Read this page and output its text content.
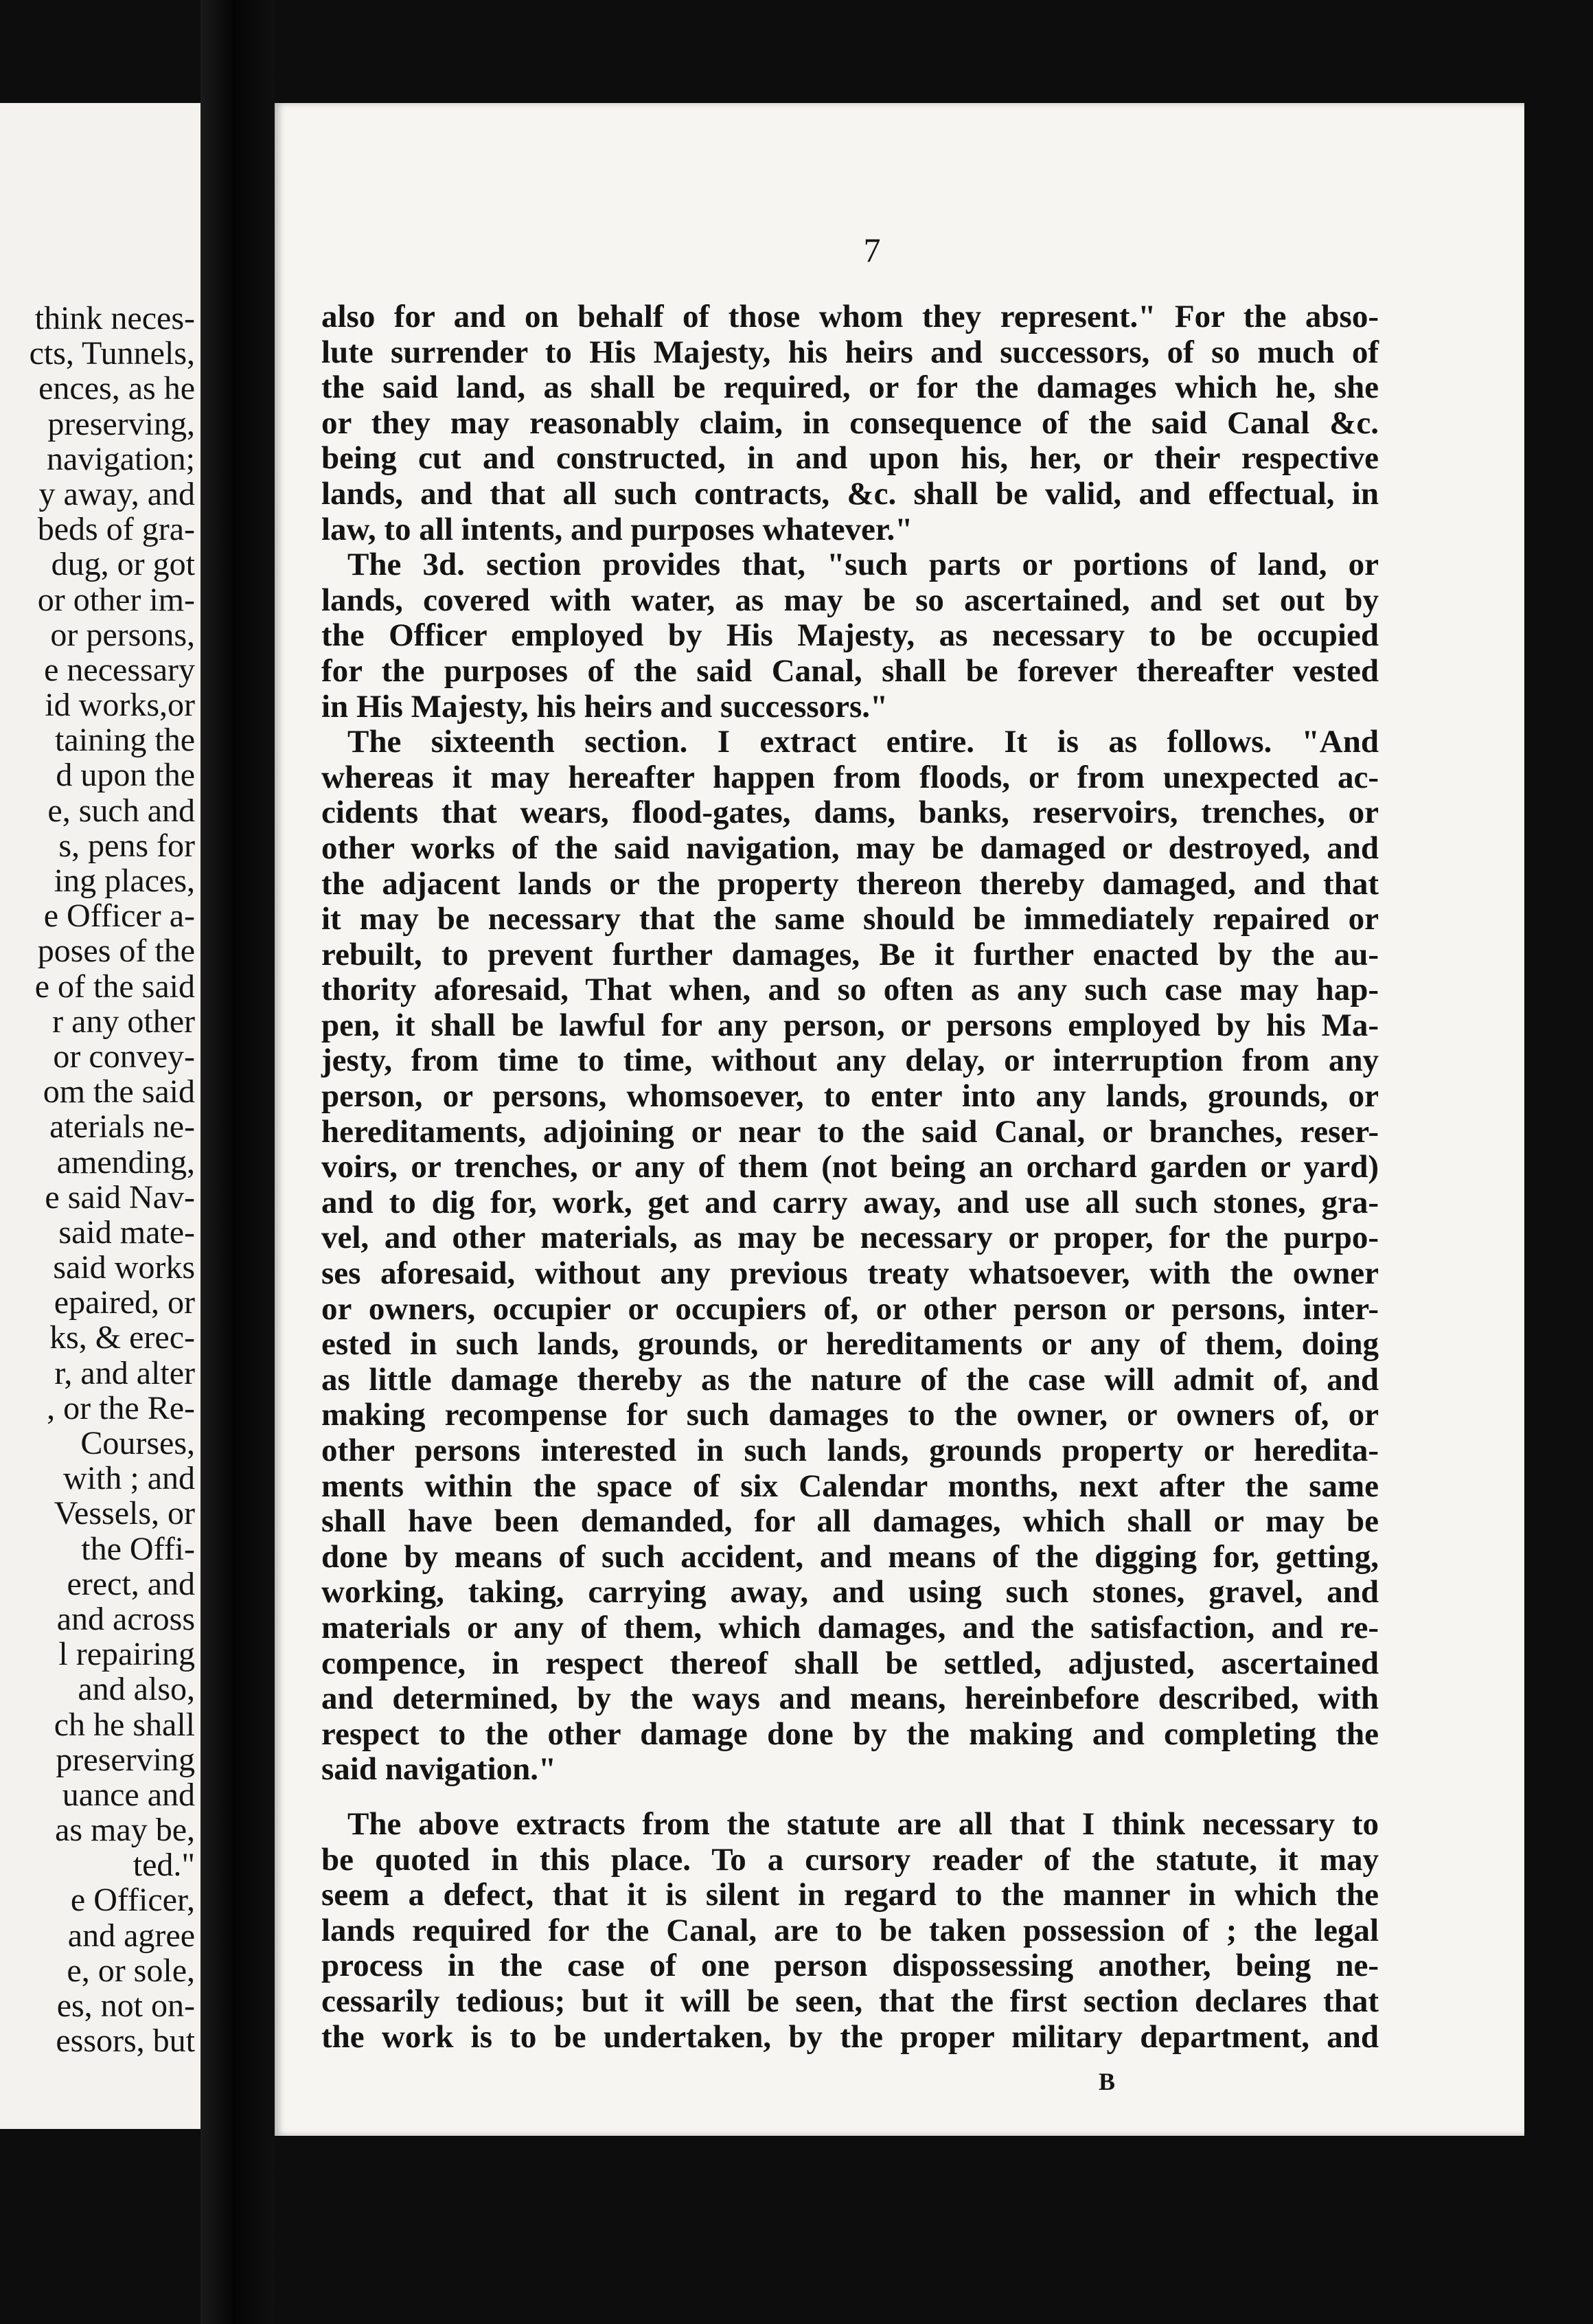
think neces-
cts, Tunnels,
ences, as he
preserving,
navigation;
y away, and
beds of gra-
dug, or got
or other im-
or persons,
e necessary
id works,or
taining the
d upon the
e, such and
s, pens for
ing places,
e Officer a-
poses of the
e of the said
r any other
or convey-
om the said
aterials ne-
amending,
e said Nav-
said mate-
said works
epaired, or
ks, & erec-
r, and alter
, or the Re-
Courses,
with ; and
Vessels, or
the Offi-
erect, and
and across
l repairing
and also,
ch he shall
preserving
uance and
as may be,
ted."
e Officer,
and agree
e, or sole,
es, not on-
essors, but
7
also for and on behalf of those whom they represent." For the abso-
lute surrender to His Majesty, his heirs and successors, of so much of
the said land, as shall be required, or for the damages which he, she
or they may reasonably claim, in consequence of the said Canal &c.
being cut and constructed, in and upon his, her, or their respective
lands, and that all such contracts, &c. shall be valid, and effectual, in
law, to all intents, and purposes whatever."
The 3d. section provides that, "such parts or portions of land, or
lands, covered with water, as may be so ascertained, and set out by
the Officer employed by His Majesty, as necessary to be occupied
for the purposes of the said Canal, shall be forever thereafter vested
in His Majesty, his heirs and successors."
The sixteenth section. I extract entire. It is as follows. "And
whereas it may hereafter happen from floods, or from unexpected ac-
cidents that wears, flood-gates, dams, banks, reservoirs, trenches, or
other works of the said navigation, may be damaged or destroyed, and
the adjacent lands or the property thereon thereby damaged, and that
it may be necessary that the same should be immediately repaired or
rebuilt, to prevent further damages, Be it further enacted by the au-
thority aforesaid, That when, and so often as any such case may hap-
pen, it shall be lawful for any person, or persons employed by his Ma-
jesty, from time to time, without any delay, or interruption from any
person, or persons, whomsoever, to enter into any lands, grounds, or
hereditaments, adjoining or near to the said Canal, or branches, reser-
voirs, or trenches, or any of them (not being an orchard garden or yard)
and to dig for, work, get and carry away, and use all such stones, gra-
vel, and other materials, as may be necessary or proper, for the purpo-
ses aforesaid, without any previous treaty whatsoever, with the owner
or owners, occupier or occupiers of, or other person or persons, inter-
ested in such lands, grounds, or hereditaments or any of them, doing
as little damage thereby as the nature of the case will admit of, and
making recompense for such damages to the owner, or owners of, or
other persons interested in such lands, grounds property or heredita-
ments within the space of six Calendar months, next after the same
shall have been demanded, for all damages, which shall or may be
done by means of such accident, and means of the digging for, getting,
working, taking, carrying away, and using such stones, gravel, and
materials or any of them, which damages, and the satisfaction, and re-
compence, in respect thereof shall be settled, adjusted, ascertained
and determined, by the ways and means, hereinbefore described, with
respect to the other damage done by the making and completing the
said navigation."
The above extracts from the statute are all that I think necessary to
be quoted in this place. To a cursory reader of the statute, it may
seem a defect, that it is silent in regard to the manner in which the
lands required for the Canal, are to be taken possession of ; the legal
process in the case of one person dispossessing another, being ne-
cessarily tedious; but it will be seen, that the first section declares that
the work is to be undertaken, by the proper military department, and
B
